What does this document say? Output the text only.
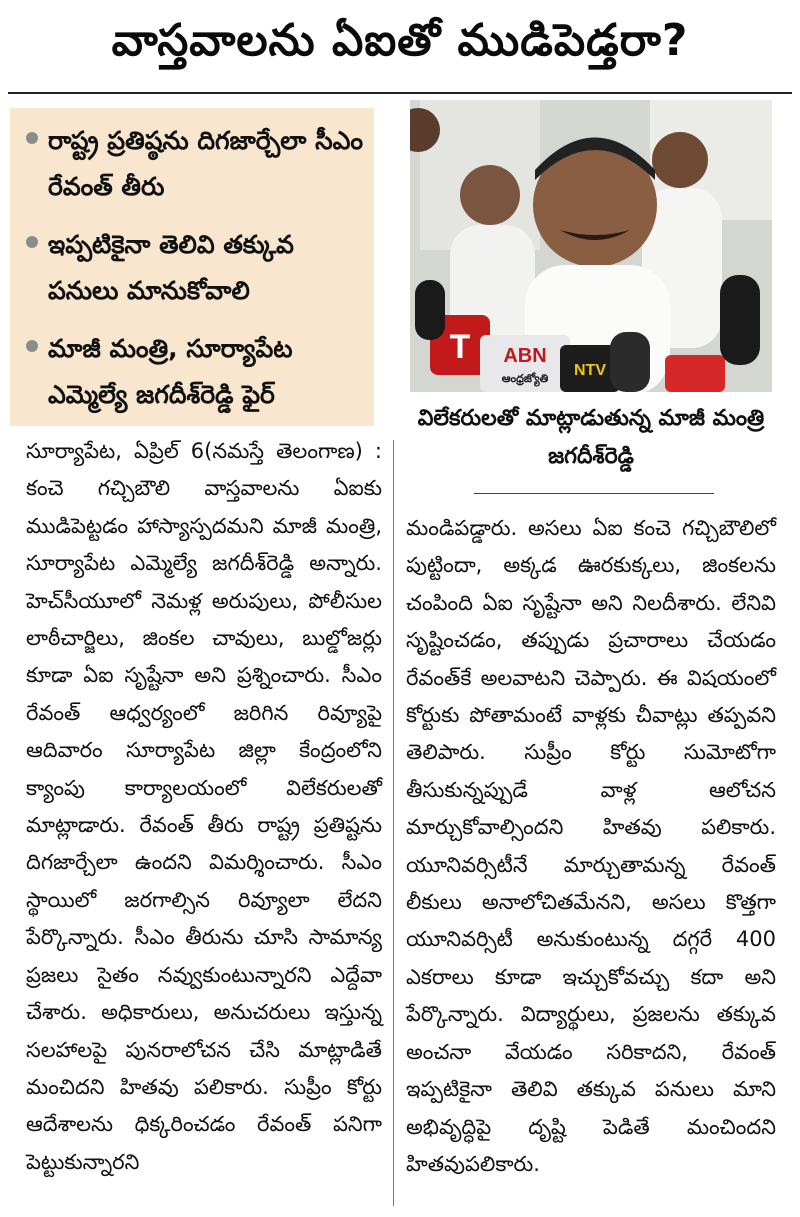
వాస్తవాలను ఏఐతో ముడిపెడ్తరా?
రాష్ట్ర ప్రతిష్ఠను దిగజార్చేలా సీఎం రేవంత్ తీరు
ఇప్పటికైనా తెలివి తక్కువ పనులు మానుకోవాలి
మాజీ మంత్రి, సూర్యాపేట ఎమ్మెల్యే జగదీశ్‌రెడ్డి ఫైర్
T ABN
ఆంధ్రజ్యోతి NTV
విలేకరులతో మాట్లాడుతున్న మాజీ మంత్రి జగదీశ్‌రెడ్డి
సూర్యాపేట, ఏప్రిల్ 6(నమస్తే తెలంగాణ) : కంచె గచ్చిబౌలి వాస్తవాలను ఏఐకు ముడిపెట్టడం హాస్యాస్పదమని మాజీ మంత్రి, సూర్యాపేట ఎమ్మెల్యే జగదీశ్‌రెడ్డి అన్నారు. హెచ్‌సీయూలో నెమళ్ల అరుపులు, పోలీసుల లాఠీచార్జిలు, జింకల చావులు, బుల్డోజర్లు కూడా ఏఐ సృష్టేనా అని ప్రశ్నించారు. సీఎం రేవంత్ ఆధ్వర్యంలో జరిగిన రివ్యూపై ఆదివారం సూర్యాపేట జిల్లా కేంద్రంలోని క్యాంపు కార్యాలయంలో విలేకరులతో మాట్లాడారు. రేవంత్ తీరు రాష్ట్ర ప్రతిష్టను దిగజార్చేలా ఉందని విమర్శించారు. సీఎం స్థాయిలో జరగాల్సిన రివ్యూలా లేదని పేర్కొన్నారు. సీఎం తీరును చూసి సామాన్య ప్రజలు సైతం నవ్వుకుంటున్నారని ఎద్దేవా చేశారు. అధికారులు, అనుచరులు ఇస్తున్న సలహాలపై పునరాలోచన చేసి మాట్లాడితే మంచిదని హితవు పలికారు. సుప్రీం కోర్టు ఆదేశాలను ధిక్కరించడం రేవంత్ పనిగా పెట్టుకున్నారని
మండిపడ్డారు. అసలు ఏఐ కంచె గచ్చిబౌలిలో పుట్టిందా, అక్కడ ఊరకుక్కలు, జింకలను చంపింది ఏఐ సృష్టేనా అని నిలదీశారు. లేనివి సృష్టించడం, తప్పుడు ప్రచారాలు చేయడం రేవంత్‌కే అలవాటని చెప్పారు. ఈ విషయంలో కోర్టుకు పోతామంటే వాళ్లకు చీవాట్లు తప్పవని తెలిపారు. సుప్రీం కోర్టు సుమోటోగా తీసుకున్నప్పుడే వాళ్ల ఆలోచన మార్చుకోవాల్సిందని హితవు పలికారు. యూనివర్సిటీనే మార్చుతామన్న రేవంత్ లీకులు అనాలోచితమేనని, అసలు కొత్తగా యూనివర్సిటీ అనుకుంటున్న దగ్గరే 400 ఎకరాలు కూడా ఇచ్చుకోవచ్చు కదా అని పేర్కొన్నారు. విద్యార్థులు, ప్రజలను తక్కువ అంచనా వేయడం సరికాదని, రేవంత్ ఇప్పటికైనా తెలివి తక్కువ పనులు మాని అభివృద్ధిపై దృష్టి పెడితే మంచిందని హితవుపలికారు.
